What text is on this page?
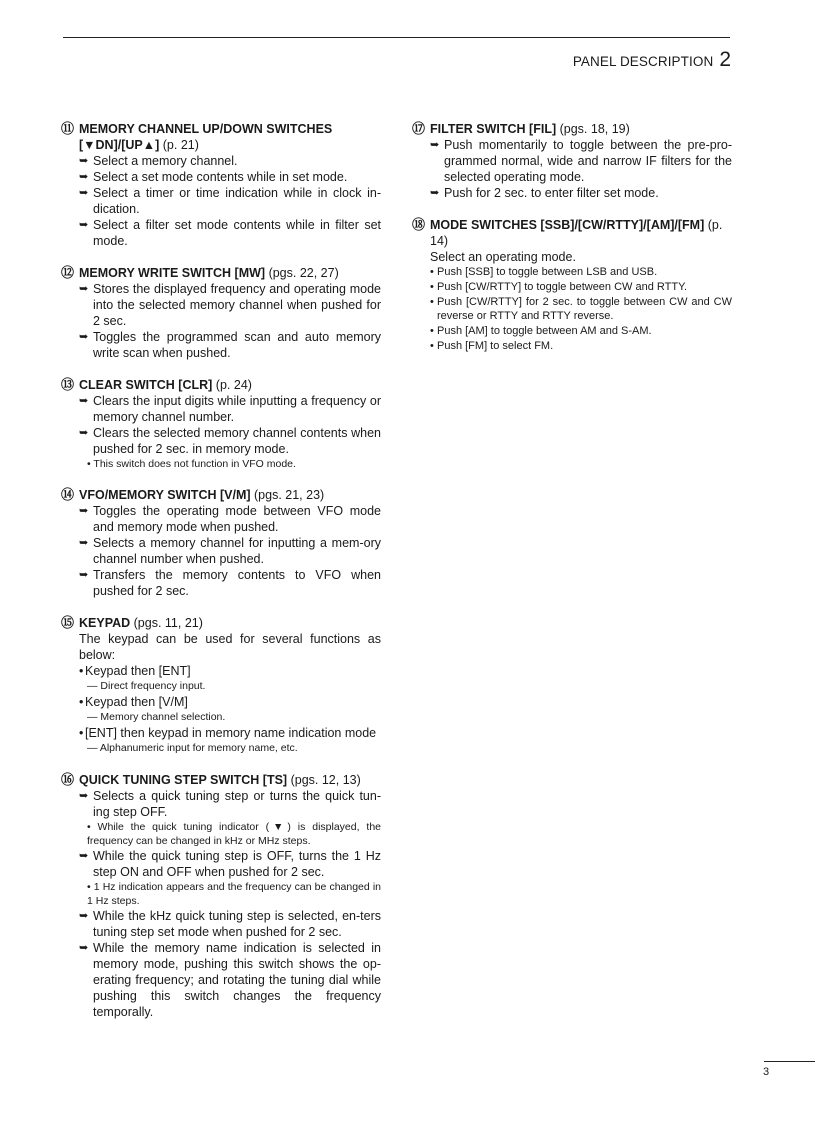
PANEL DESCRIPTION 2
⑪ MEMORY CHANNEL UP/DOWN SWITCHES [▼DN]/[UP▲] (p. 21)
➥ Select a memory channel.
➥ Select a set mode contents while in set mode.
➥ Select a timer or time indication while in clock in-dication.
➥ Select a filter set mode contents while in filter set mode.
⑫ MEMORY WRITE SWITCH [MW] (pgs. 22, 27)
➥ Stores the displayed frequency and operating mode into the selected memory channel when pushed for 2 sec.
➥ Toggles the programmed scan and auto memory write scan when pushed.
⑬ CLEAR SWITCH [CLR] (p. 24)
➥ Clears the input digits while inputting a frequency or memory channel number.
➥ Clears the selected memory channel contents when pushed for 2 sec. in memory mode.
• This switch does not function in VFO mode.
⑭ VFO/MEMORY SWITCH [V/M] (pgs. 21, 23)
➥ Toggles the operating mode between VFO mode and memory mode when pushed.
➥ Selects a memory channel for inputting a mem-ory channel number when pushed.
➥ Transfers the memory contents to VFO when pushed for 2 sec.
⑮ KEYPAD (pgs. 11, 21)

The keypad can be used for several functions as below:

• Keypad then [ENT]
— Direct frequency input.
• Keypad then [V/M]
— Memory channel selection.
• [ENT] then keypad in memory name indication mode
— Alphanumeric input for memory name, etc.
⑯ QUICK TUNING STEP SWITCH [TS] (pgs. 12, 13)
➥ Selects a quick tuning step or turns the quick tun-ing step OFF.
• While the quick tuning indicator (▼) is displayed, the frequency can be changed in kHz or MHz steps.
➥ While the quick tuning step is OFF, turns the 1 Hz step ON and OFF when pushed for 2 sec.
• 1 Hz indication appears and the frequency can be changed in 1 Hz steps.
➥ While the kHz quick tuning step is selected, en-ters tuning step set mode when pushed for 2 sec.
➥ While the memory name indication is selected in memory mode, pushing this switch shows the op-erating frequency; and rotating the tuning dial while pushing this switch changes the frequency temporally.
⑰ FILTER SWITCH [FIL] (pgs. 18, 19)
➥ Push momentarily to toggle between the pre-pro-grammed normal, wide and narrow IF filters for the selected operating mode.
➥ Push for 2 sec. to enter filter set mode.
⑱ MODE SWITCHES [SSB]/[CW/RTTY]/[AM]/[FM] (p. 14)

Select an operating mode.

• Push [SSB] to toggle between LSB and USB.
• Push [CW/RTTY] to toggle between CW and RTTY.
• Push [CW/RTTY] for 2 sec. to toggle between CW and CW reverse or RTTY and RTTY reverse.
• Push [AM] to toggle between AM and S-AM.
• Push [FM] to select FM.
3
